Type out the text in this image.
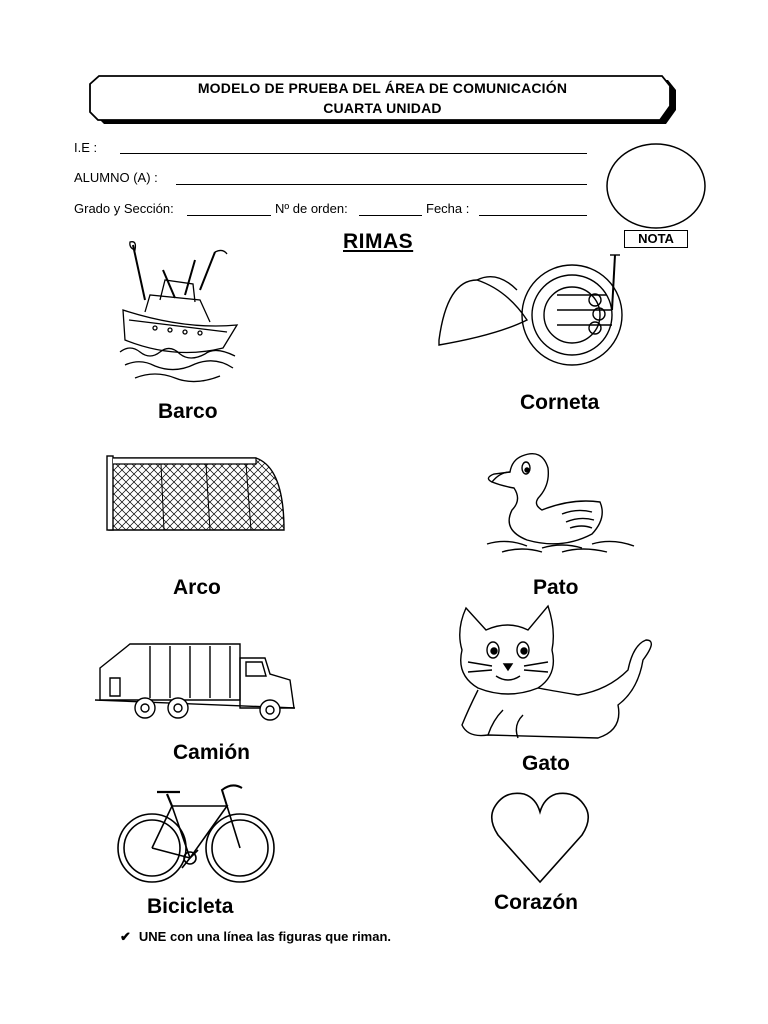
MODELO DE PRUEBA DEL ÁREA DE COMUNICACIÓN
CUARTA UNIDAD
I.E :
ALUMNO (A) :
Grado y Sección:	Nº de orden:	Fecha :
NOTA
RIMAS
Barco	Corneta
Arco	Pato
Camión	Gato
Bicicleta	Corazón
✔ UNE con una línea las figuras que riman.
